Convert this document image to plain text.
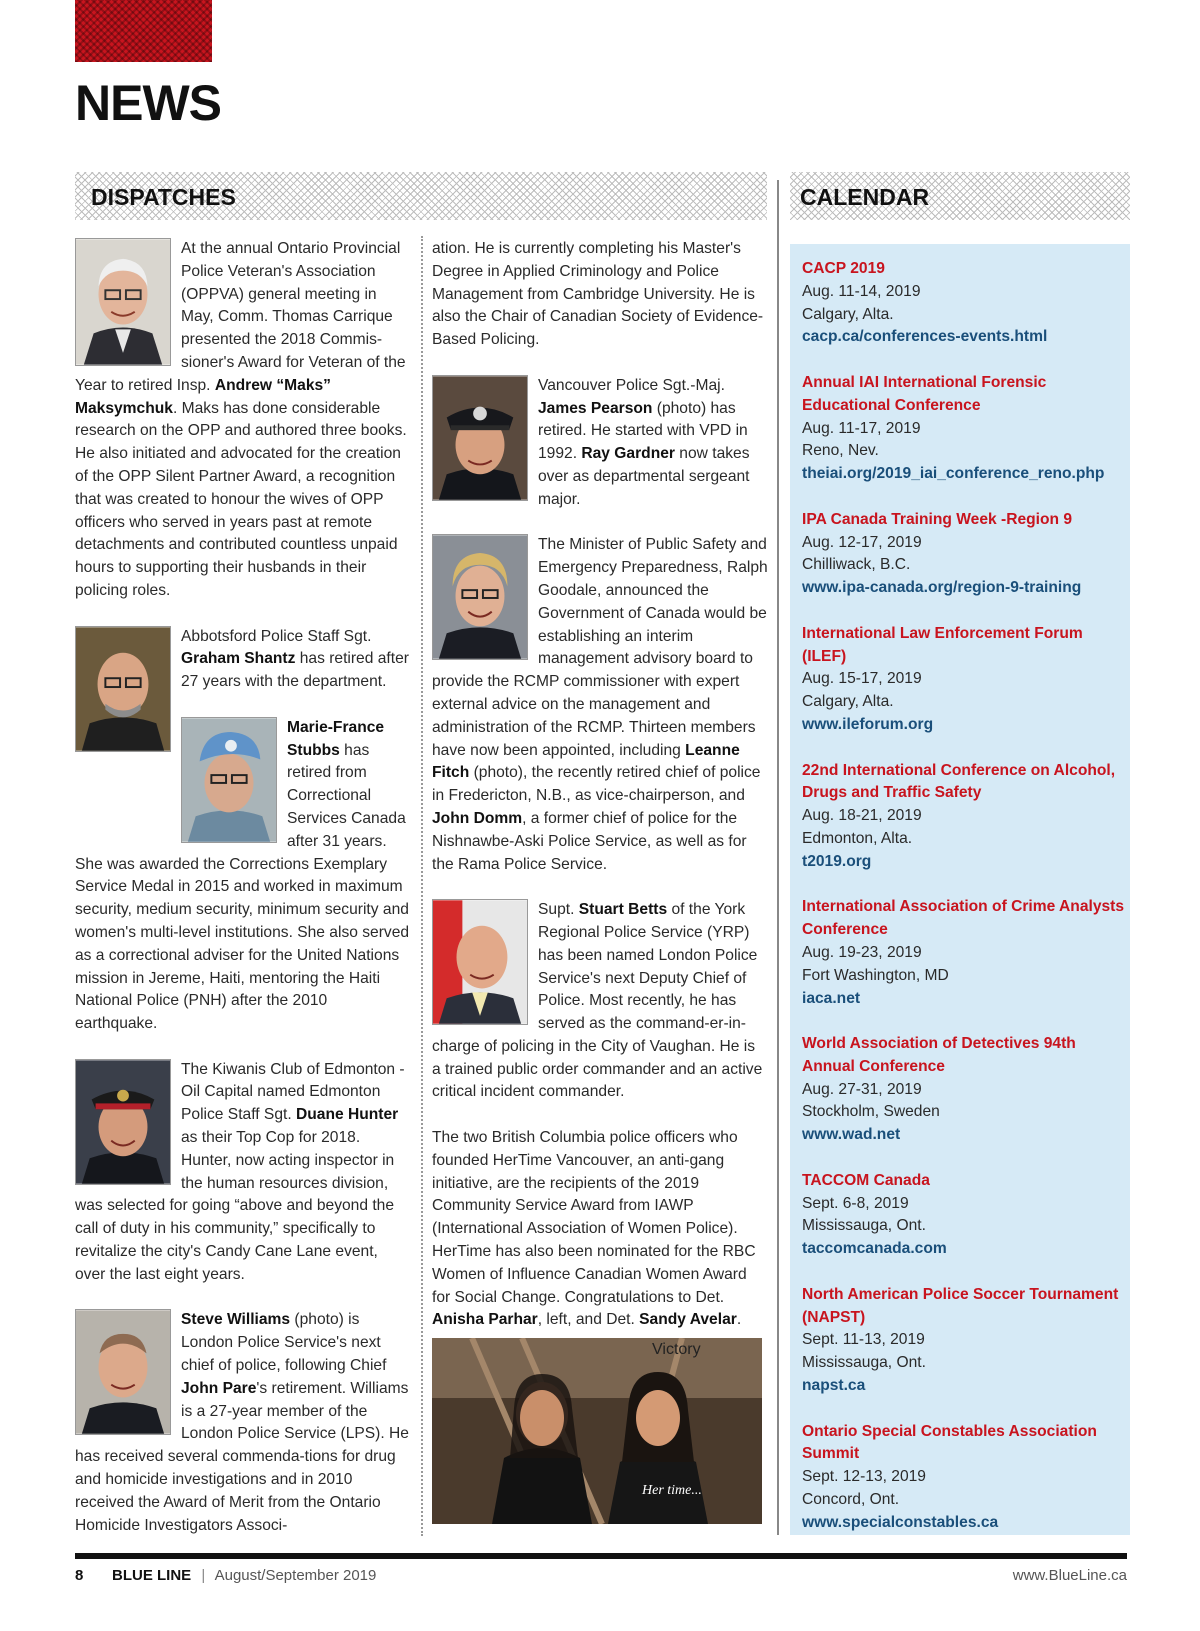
NEWS
DISPATCHES	CALENDAR

At the annual Ontario Provincial Police Veteran's Association (OPPVA) general meeting in May, Comm. Thomas Carrique presented the 2018 Commis-sioner's Award for Veteran of the Year to retired Insp. Andrew “Maks” Maksymchuk. Maks has done considerable research on the OPP and authored three books. He also initiated and advocated for the creation of the OPP Silent Partner Award, a recognition that was created to honour the wives of OPP officers who served in years past at remote detachments and contributed countless unpaid hours to supporting their husbands in their policing roles.

Abbotsford Police Staff Sgt. Graham Shantz has retired after 27 years with the department.

Marie-France Stubbs has retired from Correctional Services Canada after 31 years. She was awarded the Corrections Exemplary Service Medal in 2015 and worked in maximum security, medium security, minimum security and women's multi-level institutions. She also served as a correctional adviser for the United Nations mission in Jereme, Haiti, mentoring the Haiti National Police (PNH) after the 2010 earthquake.

The Kiwanis Club of Edmonton - Oil Capital named Edmonton Police Staff Sgt. Duane Hunter as their Top Cop for 2018. Hunter, now acting inspector in the human resources division, was selected for going “above and beyond the call of duty in his community,” specifically to revitalize the city's Candy Cane Lane event, over the last eight years.

Steve Williams (photo) is London Police Service's next chief of police, following Chief John Pare's retirement. Williams is a 27-year member of the London Police Service (LPS). He has received several commenda-tions for drug and homicide investigations and in 2010 received the Award of Merit from the Ontario Homicide Investigators Associ-

ation. He is currently completing his Master's Degree in Applied Criminology and Police Management from Cambridge University. He is also the Chair of Canadian Society of Evidence-Based Policing.

Vancouver Police Sgt.-Maj. James Pearson (photo) has retired. He started with VPD in 1992. Ray Gardner now takes over as departmental sergeant major.

The Minister of Public Safety and Emergency Preparedness, Ralph Goodale, announced the Government of Canada would be establishing an interim management advisory board to provide the RCMP commissioner with expert external advice on the management and administration of the RCMP. Thirteen members have now been appointed, including Leanne Fitch (photo), the recently retired chief of police in Fredericton, N.B., as vice-chairperson, and John Domm, a former chief of police for the Nishnawbe-Aski Police Service, as well as for the Rama Police Service.

Supt. Stuart Betts of the York Regional Police Service (YRP) has been named London Police Service's next Deputy Chief of Police. Most recently, he has served as the command-er-in-charge of policing in the City of Vaughan. He is a trained public order commander and an active critical incident commander.

The two British Columbia police officers who founded HerTime Vancouver, an anti-gang initiative, are the recipients of the 2019 Community Service Award from IAWP (International Association of Women Police). HerTime has also been nominated for the RBC Women of Influence Canadian Women Award for Social Change. Congratulations to Det. Anisha Parhar, left, and Det. Sandy Avelar.

Victory
Her time...
CACP 2019
Aug. 11-14, 2019
Calgary, Alta.
cacp.ca/conferences-events.html
Annual IAI International Forensic Educational Conference
Aug. 11-17, 2019
Reno, Nev.
theiai.org/2019_iai_conference_reno.php
IPA Canada Training Week -Region 9
Aug. 12-17, 2019
Chilliwack, B.C.
www.ipa-canada.org/region-9-training
International Law Enforcement Forum (ILEF)
Aug. 15-17, 2019
Calgary, Alta.
www.ileforum.org
22nd International Conference on Alcohol, Drugs and Traffic Safety
Aug. 18-21, 2019
Edmonton, Alta.
t2019.org
International Association of Crime Analysts Conference
Aug. 19-23, 2019
Fort Washington, MD
iaca.net
World Association of Detectives 94th Annual Conference
Aug. 27-31, 2019
Stockholm, Sweden
www.wad.net
TACCOM Canada
Sept. 6-8, 2019
Mississauga, Ont.
taccomcanada.com
North American Police Soccer Tournament (NAPST)
Sept. 11-13, 2019
Mississauga, Ont.
napst.ca
Ontario Special Constables Association Summit
Sept. 12-13, 2019
Concord, Ont.
www.specialconstables.ca
8 BLUE LINE | August/September 2019	www.BlueLine.ca
